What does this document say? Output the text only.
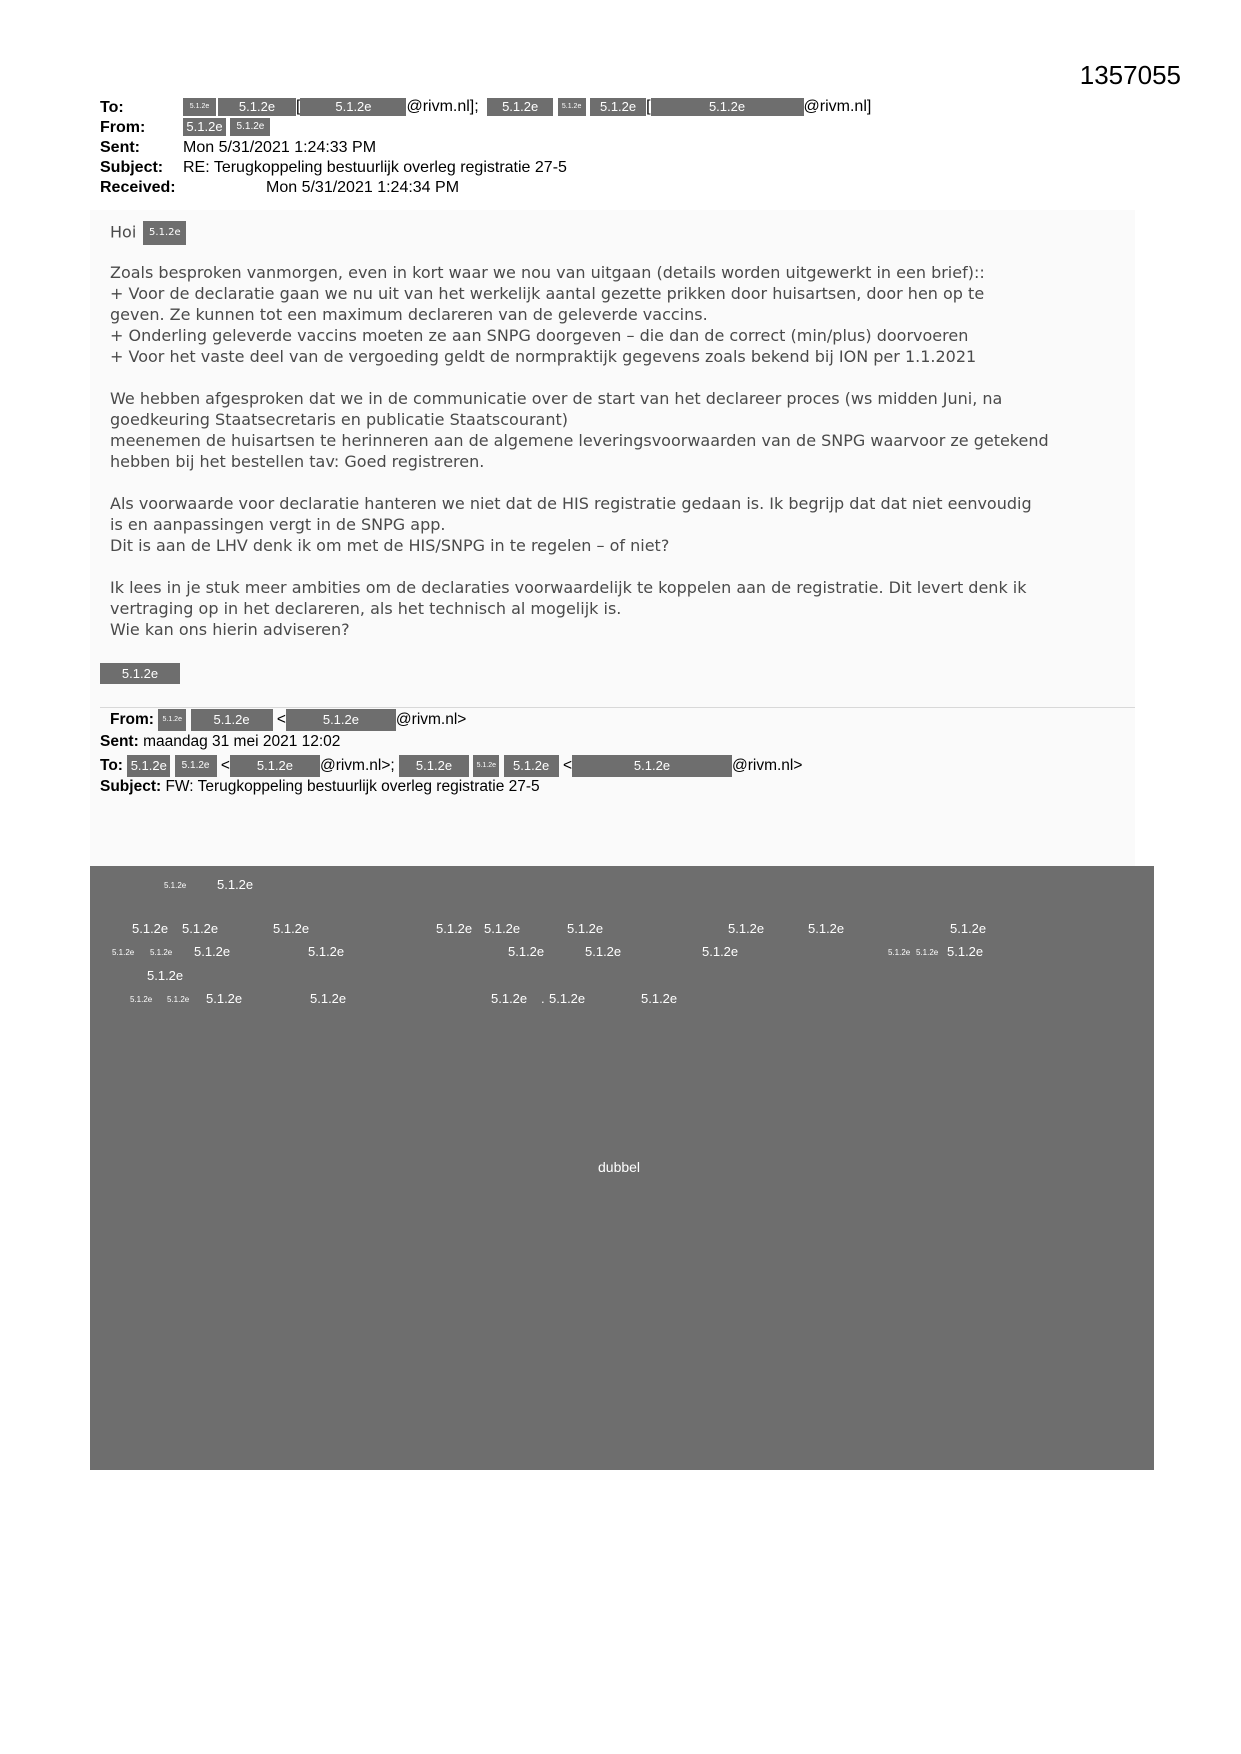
1357055
To:	5.1.2e 5.1.2e [	5.1.2e @rivm.nl]; 5.1.2e	5.1.2e 5.1.2e [	5.1.2e	@rivm.nl]
From:	5.1.2e 5.1.2e
Sent:	Mon 5/31/2021 1:24:33 PM
Subject: RE: Terugkoppeling bestuurlijk overleg registratie 27-5
Received:	Mon 5/31/2021 1:24:34 PM
Hoi 5.1.2e
Zoals besproken vanmorgen, even in kort waar we nou van uitgaan (details worden uitgewerkt in een brief)::
+ Voor de declaratie gaan we nu uit van het werkelijk aantal gezette prikken door huisartsen, door hen op te
geven. Ze kunnen tot een maximum declareren van de geleverde vaccins.
+ Onderling geleverde vaccins moeten ze aan SNPG doorgeven – die dan de correct (min/plus) doorvoeren
+ Voor het vaste deel van de vergoeding geldt de normpraktijk gegevens zoals bekend bij ION per 1.1.2021
We hebben afgesproken dat we in de communicatie over de start van het declareer proces (ws midden Juni, na
goedkeuring Staatsecretaris en publicatie Staatscourant)
meenemen de huisartsen te herinneren aan de algemene leveringsvoorwaarden van de SNPG waarvoor ze getekend
hebben bij het bestellen tav: Goed registreren.
Als voorwaarde voor declaratie hanteren we niet dat de HIS registratie gedaan is. Ik begrijp dat dat niet eenvoudig
is en aanpassingen vergt in de SNPG app.
Dit is aan de LHV denk ik om met de HIS/SNPG in te regelen – of niet?
Ik lees in je stuk meer ambities om de declaraties voorwaardelijk te koppelen aan de registratie. Dit levert denk ik
vertraging op in het declareren, als het technisch al mogelijk is.
Wie kan ons hierin adviseren?
5.1.2e
From: 5.1.2e 5.1.2e <	5.1.2e @rivm.nl>
Sent: maandag 31 mei 2021 12:02
To: 5.1.2e 5.1.2e < 5.1.2e @rivm.nl>; 5.1.2e	5.1.2e 5.1.2e <	5.1.2e	@rivm.nl>
Subject: FW: Terugkoppeling bestuurlijk overleg registratie 27-5
5.1.2e 5.1.2e
5.1.2e 5.1.2e	5.1.2e	5.1.2e 5.1.2e	5.1.2e	5.1.2e	5.1.2e	5.1.2e
5.1.2e 5.1.2e 5.1.2e	5.1.2e	5.1.2e	5.1.2e	5.1.2e	5.1.2e 5.1.2e 5.1.2e
5.1.2e
5.1.2e 5.1.2e 5.1.2e	5.1.2e	5.1.2e . 5.1.2e	5.1.2e
dubbel
